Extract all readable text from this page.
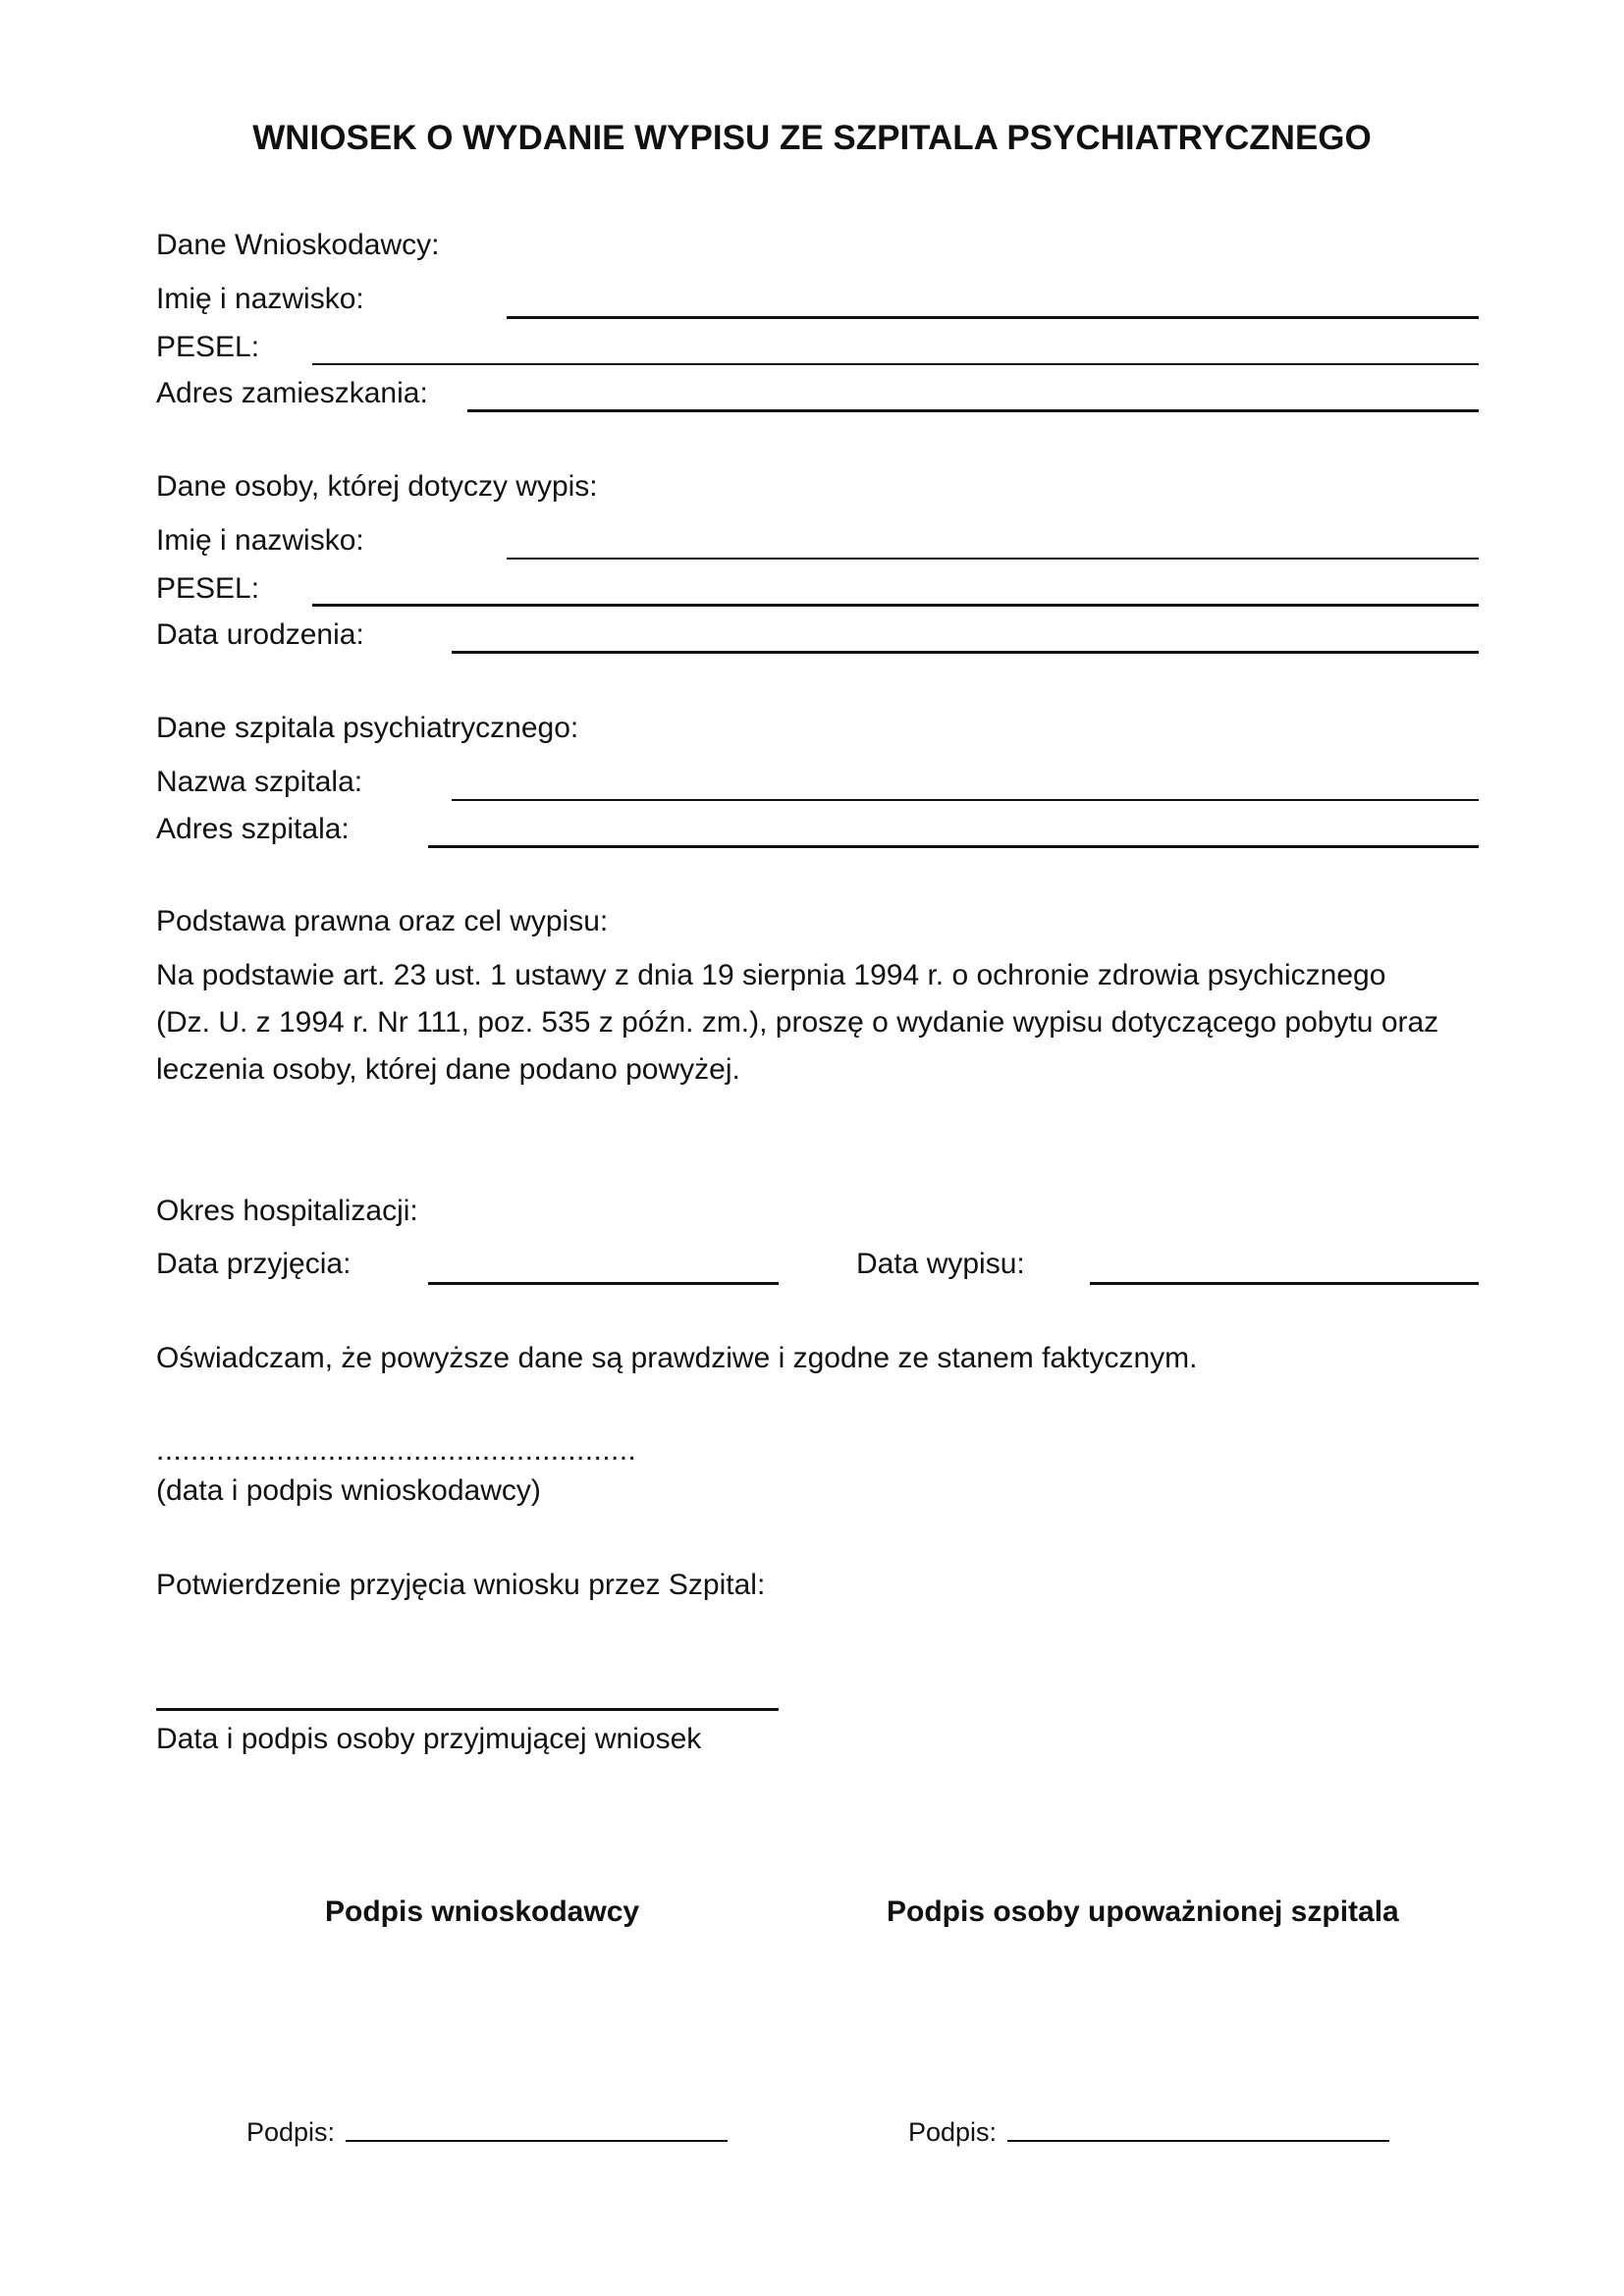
WNIOSEK O WYDANIE WYPISU ZE SZPITALA PSYCHIATRYCZNEGO
Dane Wnioskodawcy:
Imię i nazwisko:
PESEL:
Adres zamieszkania:
Dane osoby, której dotyczy wypis:
Imię i nazwisko:
PESEL:
Data urodzenia:
Dane szpitala psychiatrycznego:
Nazwa szpitala:
Adres szpitala:
Podstawa prawna oraz cel wypisu:
Na podstawie art. 23 ust. 1 ustawy z dnia 19 sierpnia 1994 r. o ochronie zdrowia psychicznego
(Dz. U. z 1994 r. Nr 111, poz. 535 z późn. zm.), proszę o wydanie wypisu dotyczącego pobytu oraz
leczenia osoby, której dane podano powyżej.
Okres hospitalizacji:
Data przyjęcia:	Data wypisu:
Oświadczam, że powyższe dane są prawdziwe i zgodne ze stanem faktycznym.
........................................................
(data i podpis wnioskodawcy)
Potwierdzenie przyjęcia wniosku przez Szpital:
Data i podpis osoby przyjmującej wniosek
Podpis wnioskodawcy	Podpis osoby upoważnionej szpitala
Podpis:	Podpis:
